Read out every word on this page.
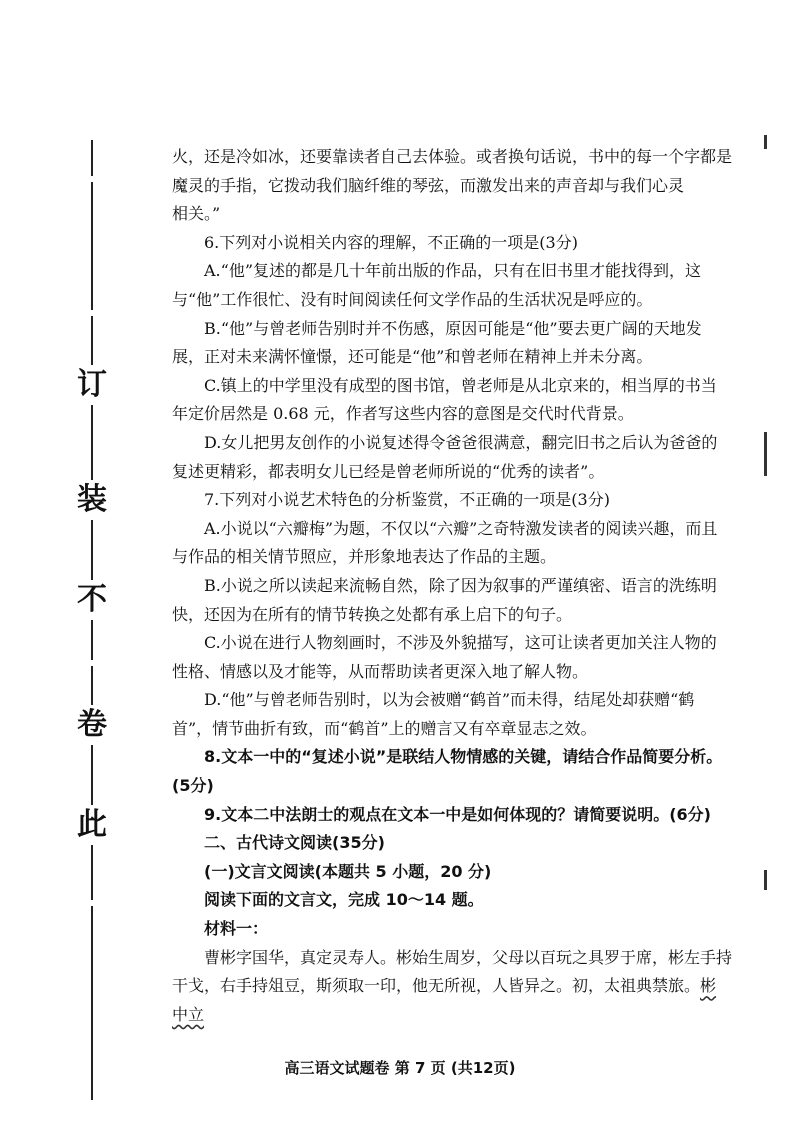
订
装
不
卷
此

火，还是冷如冰，还要靠读者自己去体验。或者换句话说，书中的每一个字都是

魔灵的手指，它拨动我们脑纤维的琴弦，而激发出来的声音却与我们心灵

相关。”

6.下列对小说相关内容的理解，不正确的一项是(3分)

A.“他”复述的都是几十年前出版的作品，只有在旧书里才能找得到，这与“他”工作很忙、没有时间阅读任何文学作品的生活状况是呼应的。

B.“他”与曾老师告别时并不伤感，原因可能是“他”要去更广阔的天地发展，正对未来满怀憧憬，还可能是“他”和曾老师在精神上并未分离。

C.镇上的中学里没有成型的图书馆，曾老师是从北京来的，相当厚的书当年定价居然是 0.68 元，作者写这些内容的意图是交代时代背景。

D.女儿把男友创作的小说复述得令爸爸很满意，翻完旧书之后认为爸爸的复述更精彩，都表明女儿已经是曾老师所说的“优秀的读者”。

7.下列对小说艺术特色的分析鉴赏，不正确的一项是(3分)

A.小说以“六瓣梅”为题，不仅以“六瓣”之奇特激发读者的阅读兴趣，而且与作品的相关情节照应，并形象地表达了作品的主题。

B.小说之所以读起来流畅自然，除了因为叙事的严谨缜密、语言的洗练明快，还因为在所有的情节转换之处都有承上启下的句子。

C.小说在进行人物刻画时，不涉及外貌描写，这可让读者更加关注人物的性格、情感以及才能等，从而帮助读者更深入地了解人物。

D.“他”与曾老师告别时，以为会被赠“鹤首”而未得，结尾处却获赠“鹤首”，情节曲折有致，而“鹤首”上的赠言又有卒章显志之效。

8.文本一中的“复述小说”是联结人物情感的关键，请结合作品简要分析。(5分)

9.文本二中法朗士的观点在文本一中是如何体现的？请简要说明。(6分)

二、古代诗文阅读(35分)

(一)文言文阅读(本题共 5 小题，20 分)

阅读下面的文言文，完成 10～14 题。

材料一：

曹彬字国华，真定灵寿人。彬始生周岁，父母以百玩之具罗于席，彬左手持

干戈，右手持俎豆，斯须取一印，他无所视，人皆异之。初，太祖典禁旅。彬中立

高三语文试题卷 第 7 页 (共12页)
